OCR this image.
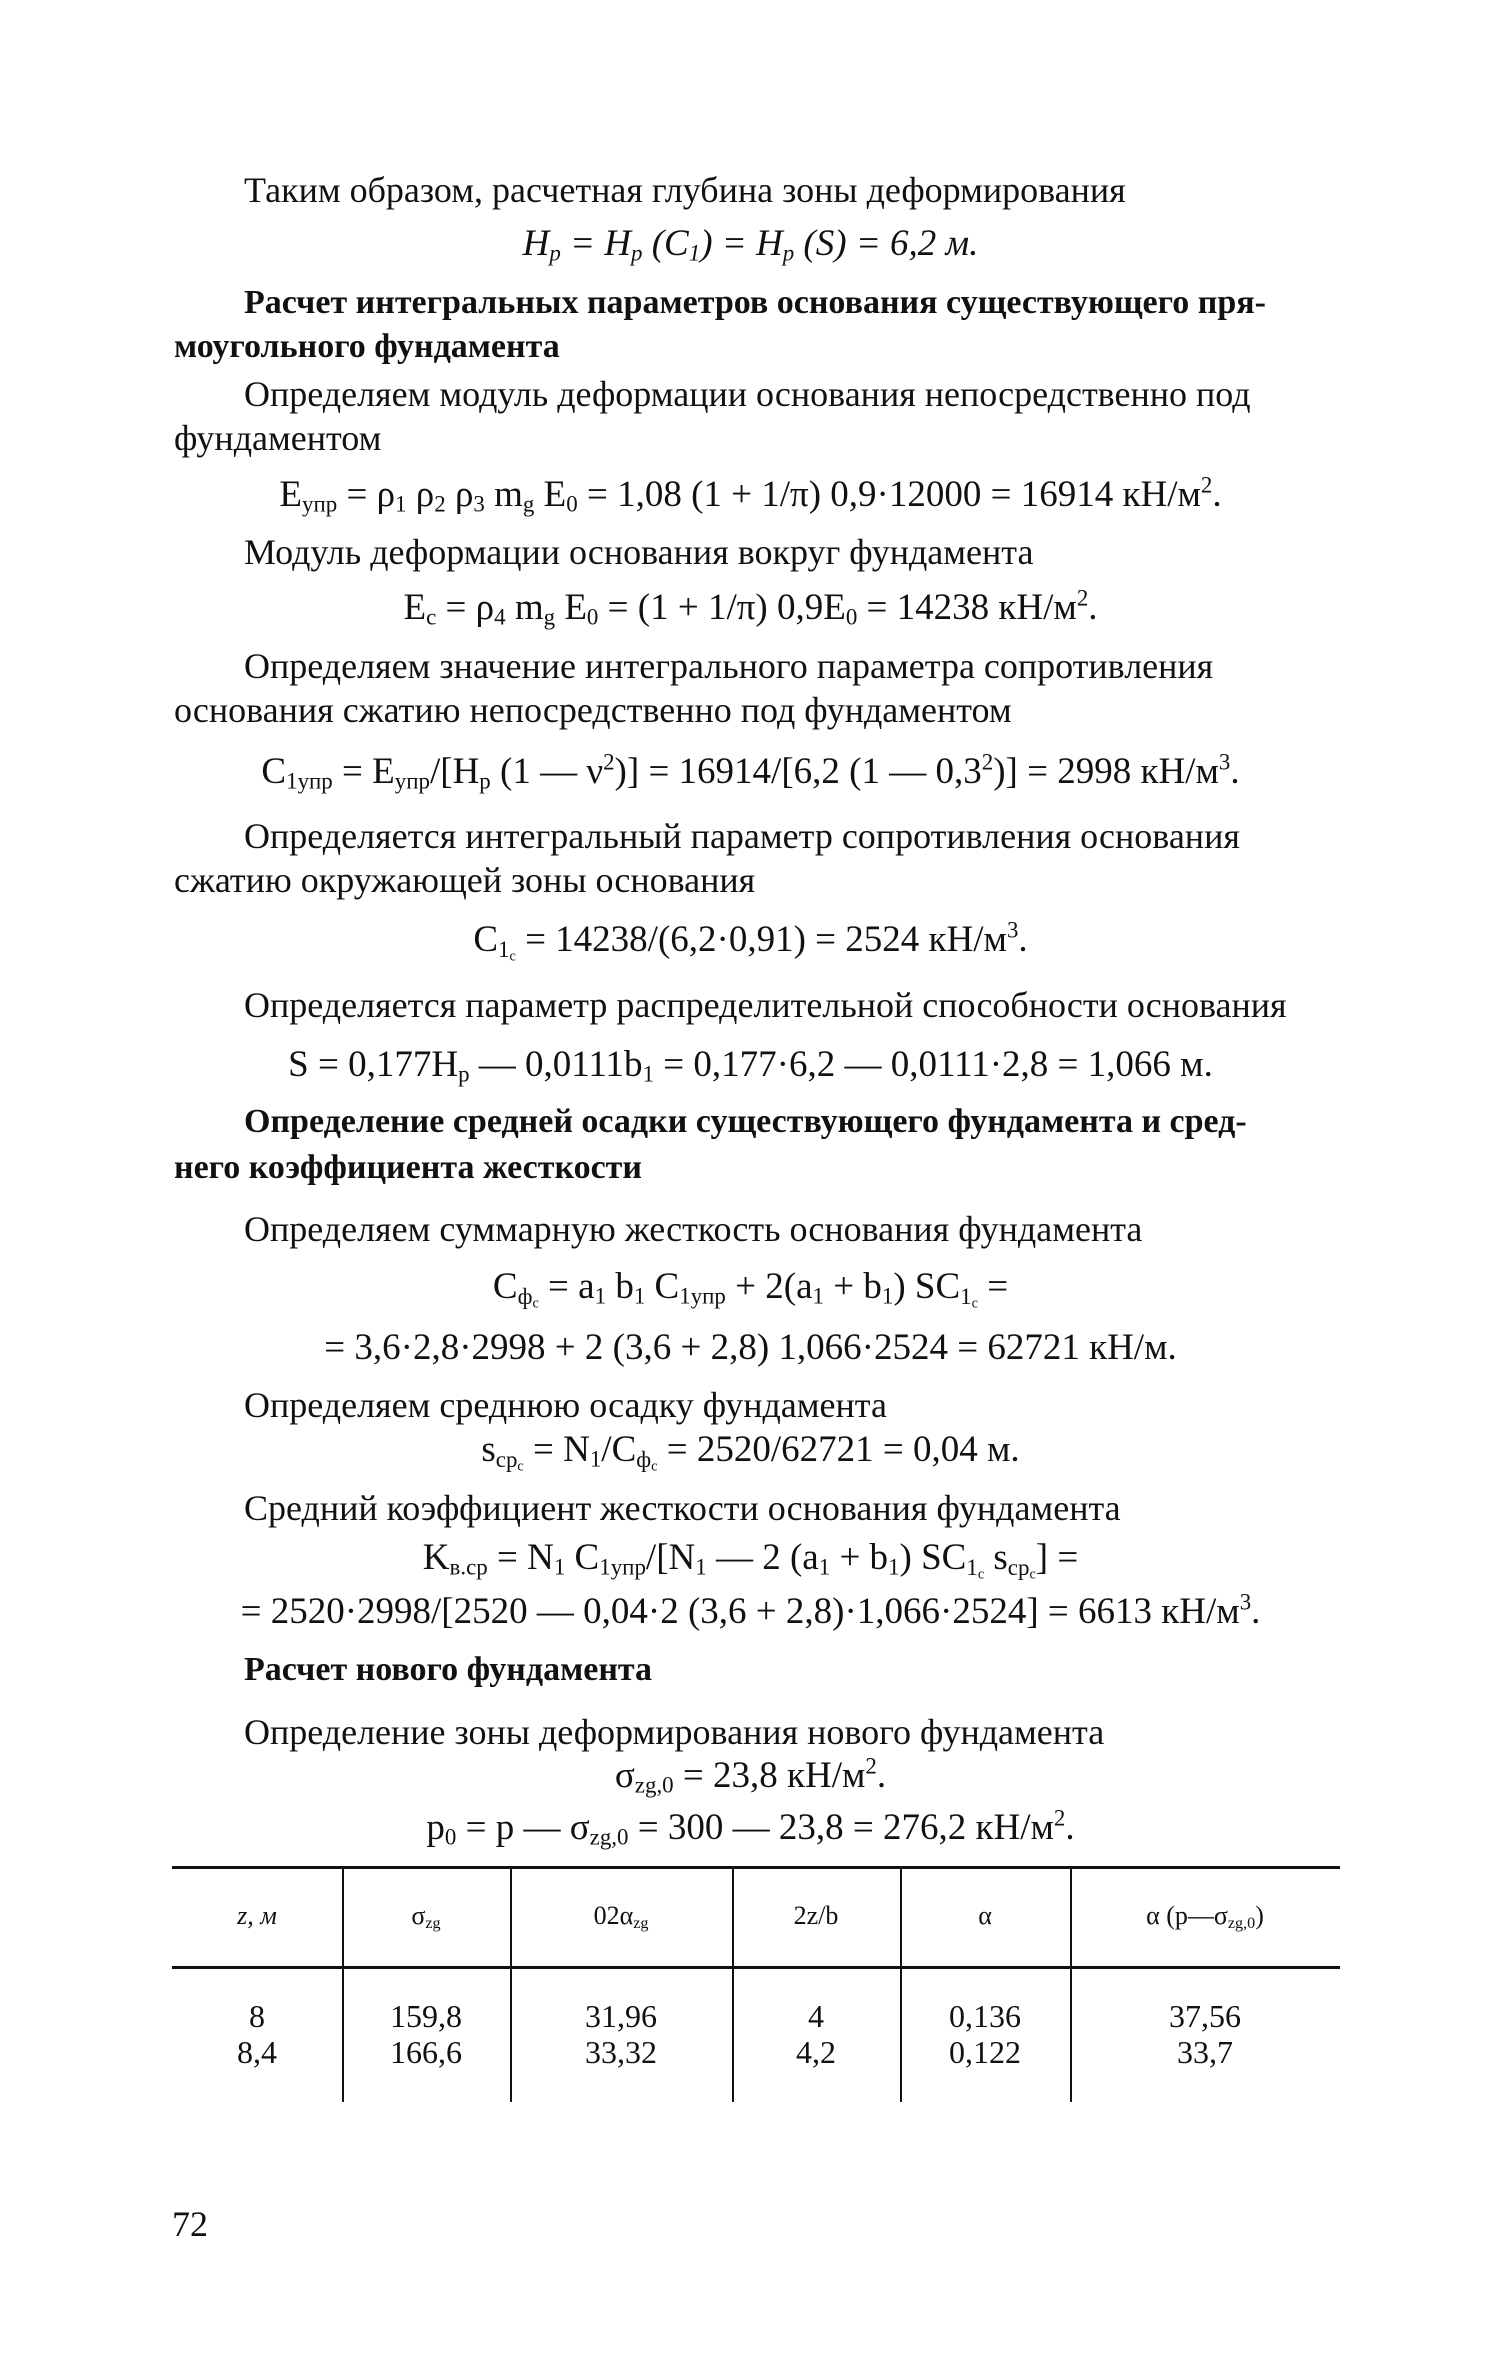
Таким образом, расчетная глубина зоны деформирования
$H_p = H_p$ $(C_1) = H_p$ (S) = 6,2 м.
Расчет интегральных параметров основания существующего пря-
моугольного фундамента
Определяем модуль деформации основания непосредственно под
фундаментом
$E_{упр} = \rho_1$ $\rho_2$ $\rho_3$ $m_g$ $E_0 = 1,08$ (1 + 1/π) 0,9·12000 = 16914 $кН/м^2$.
Модуль деформации основания вокруг фундамента
$E_c = \rho_4$ $m_g$ $E_0 = (1 + 1/\pi) 0,9E_0 = 14238$ $кН/м^2$.
Определяем значение интегрального параметра сопротивления
основания сжатию непосредственно под фундаментом
$C_{1упр} = E_{упр}/[H_p$ (1 — $\nu^2)] = 16914/[6,2$ (1 — $0,3^2)] = 2998$ $кН/м^3$.
Определяется интегральный параметр сопротивления основания
сжатию окружающей зоны основания
$C_{1_c} = 14238/(6,2\cdot 0,91) = 2524$ $кН/м^3$.
Определяется параметр распределительной способности основания
$S = 0,177H_p$ — $0,0111b_1 = 0,177\cdot 6,2$ — 0,0111·2,8 = 1,066 м.
Определение средней осадки существующего фундамента и сред-
него коэффициента жесткости
Определяем суммарную жесткость основания фундамента
$C_{ф_c} = a_1$ $b_1$ $C_{1упр} + 2(a_1 + b_1) SC_{1_c}$ =
= 3,6·2,8·2998 + 2 (3,6 + 2,8) 1,066·2524 = 62721 кН/м.
Определяем среднюю осадку фундамента
$s_{cp_c} = N_1/C_{ф_c} = 2520/62721 = 0,04$ м.
Средний коэффициент жесткости основания фундамента
$K_{в.ср} = N_1$ $C_{1упр}/[N_1$ — 2 $(a_1 + b_1)$ $SC_{1_c}$ $s_{cp_c}$] =
= 2520·2998/[2520 — 0,04·2 (3,6 + 2,8)·1,066·2524] = 6613 $кН/м^3$.
Расчет нового фундамента
Определение зоны деформирования нового фундамента
$\sigma_{zg,0} = 23,8$ $кН/м^2$.
$p_0 = p$ — $\sigma_{zg,0} = 300$ — 23,8 = 276,2 $кН/м^2$.
z, м	$\sigma_{zg}$	$02\alpha_{zg}$	2z/b	α	α $(p—\sigma_{zg,0})$
8	159,8	31,96	4	0,136	37,56
8,4	166,6	33,32	4,2	0,122	33,7
72
